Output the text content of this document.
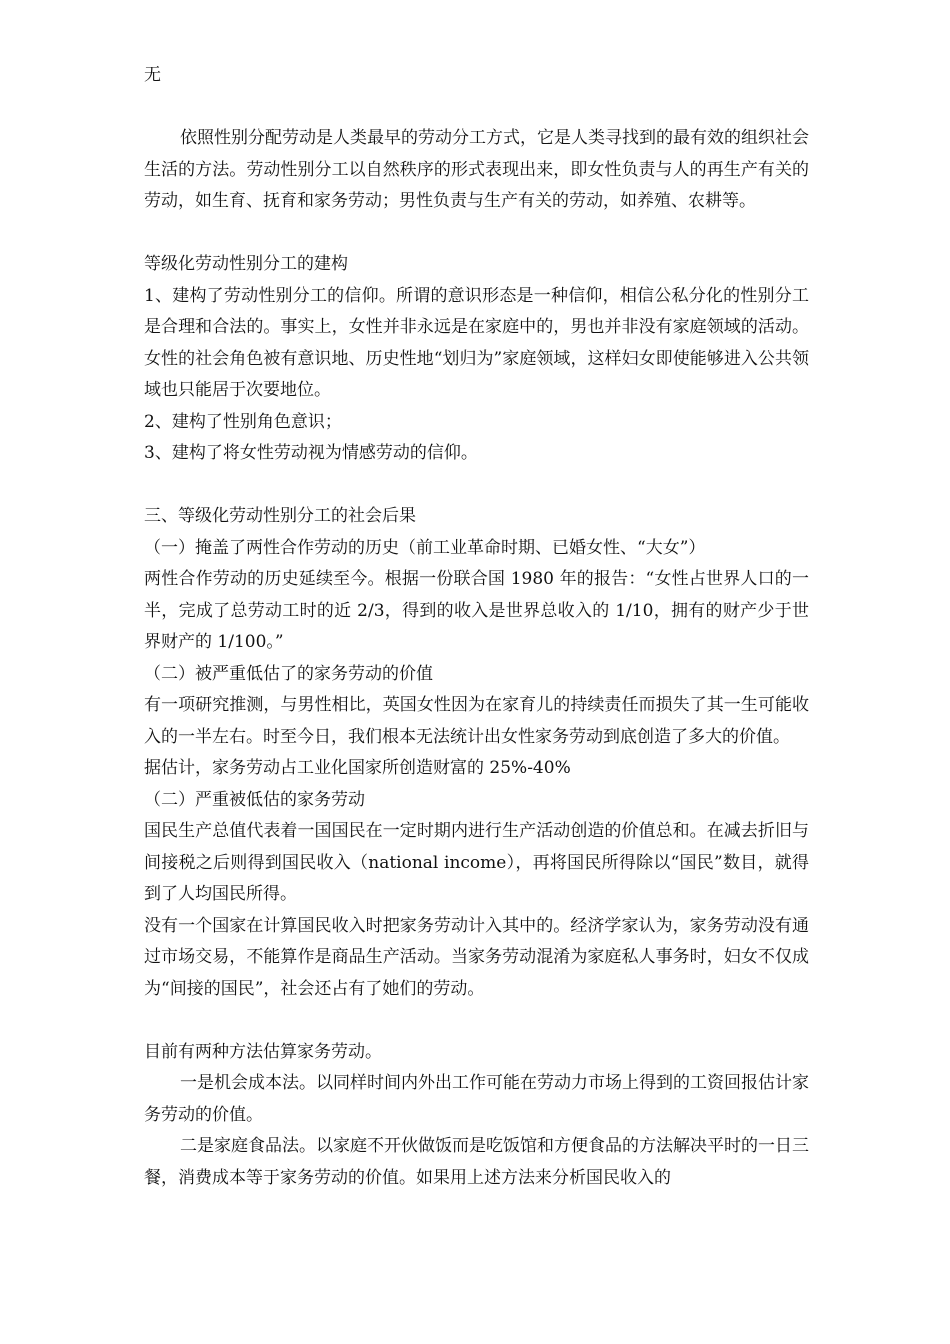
无

依照性别分配劳动是人类最早的劳动分工方式，它是人类寻找到的最有效的组织社会生活的方法。劳动性别分工以自然秩序的形式表现出来，即女性负责与人的再生产有关的劳动，如生育、抚育和家务劳动；男性负责与生产有关的劳动，如养殖、农耕等。

等级化劳动性别分工的建构

1、建构了劳动性别分工的信仰。所谓的意识形态是一种信仰，相信公私分化的性别分工是合理和合法的。事实上，女性并非永远是在家庭中的，男也并非没有家庭领域的活动。女性的社会角色被有意识地、历史性地“划归为”家庭领域，这样妇女即使能够进入公共领域也只能居于次要地位。

2、建构了性别角色意识；

3、建构了将女性劳动视为情感劳动的信仰。

三、等级化劳动性别分工的社会后果

（一）掩盖了两性合作劳动的历史（前工业革命时期、已婚女性、“大女”）

两性合作劳动的历史延续至今。根据一份联合国 1980 年的报告：“女性占世界人口的一半，完成了总劳动工时的近 2/3，得到的收入是世界总收入的 1/10，拥有的财产少于世界财产的 1/100。”

（二）被严重低估了的家务劳动的价值

有一项研究推测，与男性相比，英国女性因为在家育儿的持续责任而损失了其一生可能收入的一半左右。时至今日，我们根本无法统计出女性家务劳动到底创造了多大的价值。

据估计，家务劳动占工业化国家所创造财富的 25%-40%

（二）严重被低估的家务劳动

国民生产总值代表着一国国民在一定时期内进行生产活动创造的价值总和。在减去折旧与间接税之后则得到国民收入（national income），再将国民所得除以“国民”数目，就得到了人均国民所得。

没有一个国家在计算国民收入时把家务劳动计入其中的。经济学家认为，家务劳动没有通过市场交易，不能算作是商品生产活动。当家务劳动混淆为家庭私人事务时，妇女不仅成为“间接的国民”，社会还占有了她们的劳动。

目前有两种方法估算家务劳动。

一是机会成本法。以同样时间内外出工作可能在劳动力市场上得到的工资回报估计家务劳动的价值。

二是家庭食品法。以家庭不开伙做饭而是吃饭馆和方便食品的方法解决平时的一日三餐，消费成本等于家务劳动的价值。如果用上述方法来分析国民收入的
